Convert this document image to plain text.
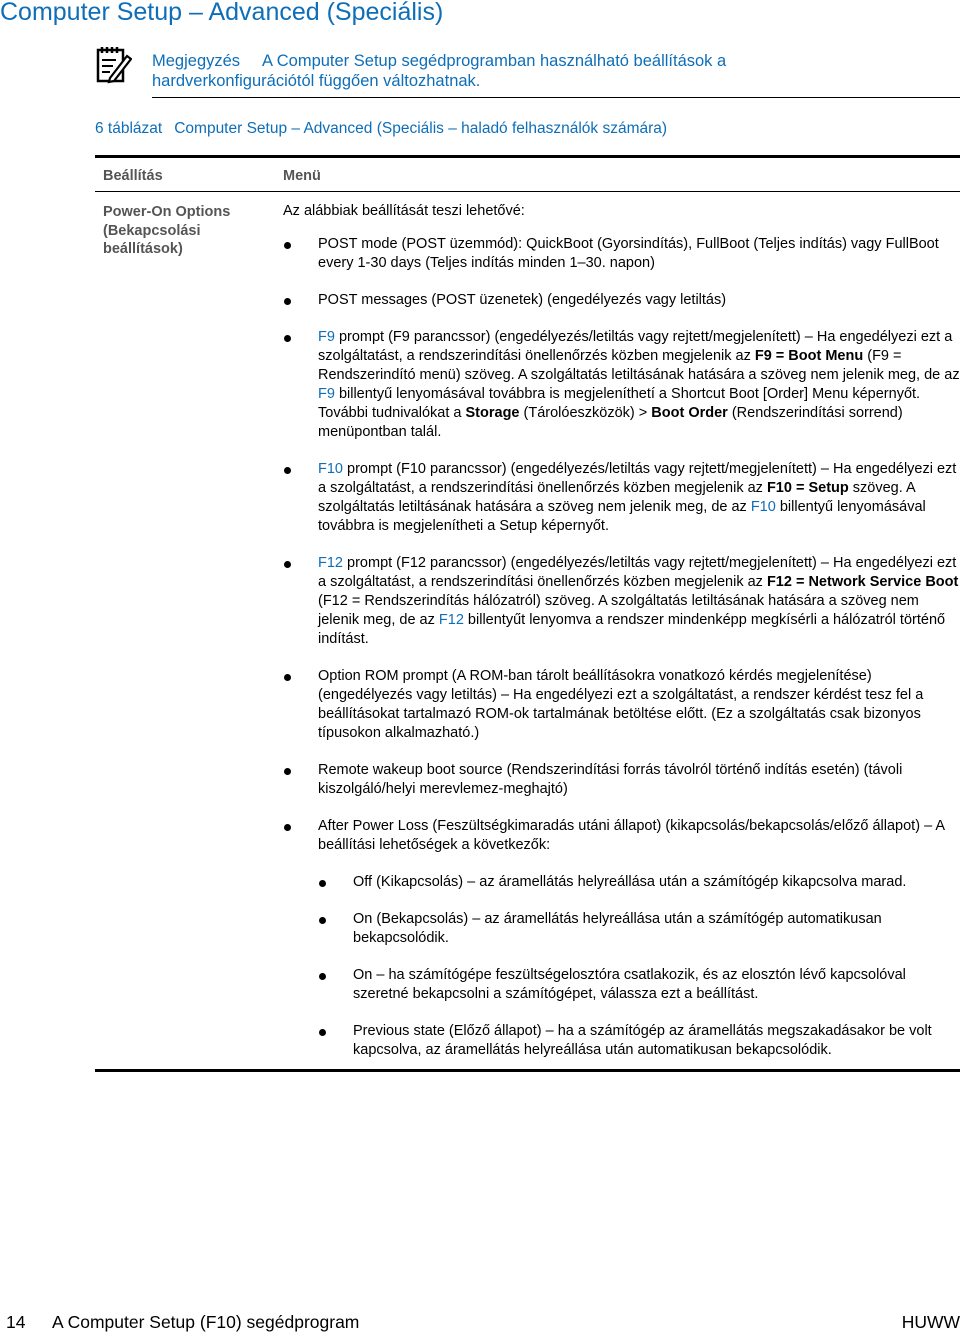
Computer Setup – Advanced (Speciális)
Megjegyzés A Computer Setup segédprogramban használható beállítások a hardverkonfigurációtól függően változhatnak.
6 táblázat Computer Setup – Advanced (Speciális – haladó felhasználók számára)
Beállítás	Menü
Power-On Options (Bekapcsolási beállítások)
Az alábbiak beállítását teszi lehetővé:
POST mode (POST üzemmód): QuickBoot (Gyorsindítás), FullBoot (Teljes indítás) vagy FullBoot every 1-30 days (Teljes indítás minden 1–30. napon)
POST messages (POST üzenetek) (engedélyezés vagy letiltás)
F9 prompt (F9 parancssor) (engedélyezés/letiltás vagy rejtett/megjelenített) – Ha engedélyezi ezt a szolgáltatást, a rendszerindítási önellenőrzés közben megjelenik az F9 = Boot Menu (F9 = Rendszerindító menü) szöveg. A szolgáltatás letiltásának hatására a szöveg nem jelenik meg, de az F9 billentyű lenyomásával továbbra is megjeleníthetí a Shortcut Boot [Order] Menu képernyőt. További tudnivalókat a Storage (Tárolóeszközök) > Boot Order (Rendszerindítási sorrend) menüpontban talál.
F10 prompt (F10 parancssor) (engedélyezés/letiltás vagy rejtett/megjelenített) – Ha engedélyezi ezt a szolgáltatást, a rendszerindítási önellenőrzés közben megjelenik az F10 = Setup szöveg. A szolgáltatás letiltásának hatására a szöveg nem jelenik meg, de az F10 billentyű lenyomásával továbbra is megjelenítheti a Setup képernyőt.
F12 prompt (F12 parancssor) (engedélyezés/letiltás vagy rejtett/megjelenített) – Ha engedélyezi ezt a szolgáltatást, a rendszerindítási önellenőrzés közben megjelenik az F12 = Network Service Boot (F12 = Rendszerindítás hálózatról) szöveg. A szolgáltatás letiltásának hatására a szöveg nem jelenik meg, de az F12 billentyűt lenyomva a rendszer mindenképp megkísérli a hálózatról történő indítást.
Option ROM prompt (A ROM-ban tárolt beállításokra vonatkozó kérdés megjelenítése) (engedélyezés vagy letiltás) – Ha engedélyezi ezt a szolgáltatást, a rendszer kérdést tesz fel a beállításokat tartalmazó ROM-ok tartalmának betöltése előtt. (Ez a szolgáltatás csak bizonyos típusokon alkalmazható.)
Remote wakeup boot source (Rendszerindítási forrás távolról történő indítás esetén) (távoli kiszolgáló/helyi merevlemez-meghajtó)
After Power Loss (Feszültségkimaradás utáni állapot) (kikapcsolás/bekapcsolás/előző állapot) – A beállítási lehetőségek a következők:
Off (Kikapcsolás) – az áramellátás helyreállása után a számítógép kikapcsolva marad.
On (Bekapcsolás) – az áramellátás helyreállása után a számítógép automatikusan bekapcsolódik.
On – ha számítógépe feszültségelosztóra csatlakozik, és az elosztón lévő kapcsolóval szeretné bekapcsolni a számítógépet, válassza ezt a beállítást.
Previous state (Előző állapot) – ha a számítógép az áramellátás megszakadásakor be volt kapcsolva, az áramellátás helyreállása után automatikusan bekapcsolódik.
14 A Computer Setup (F10) segédprogram	HUWW
